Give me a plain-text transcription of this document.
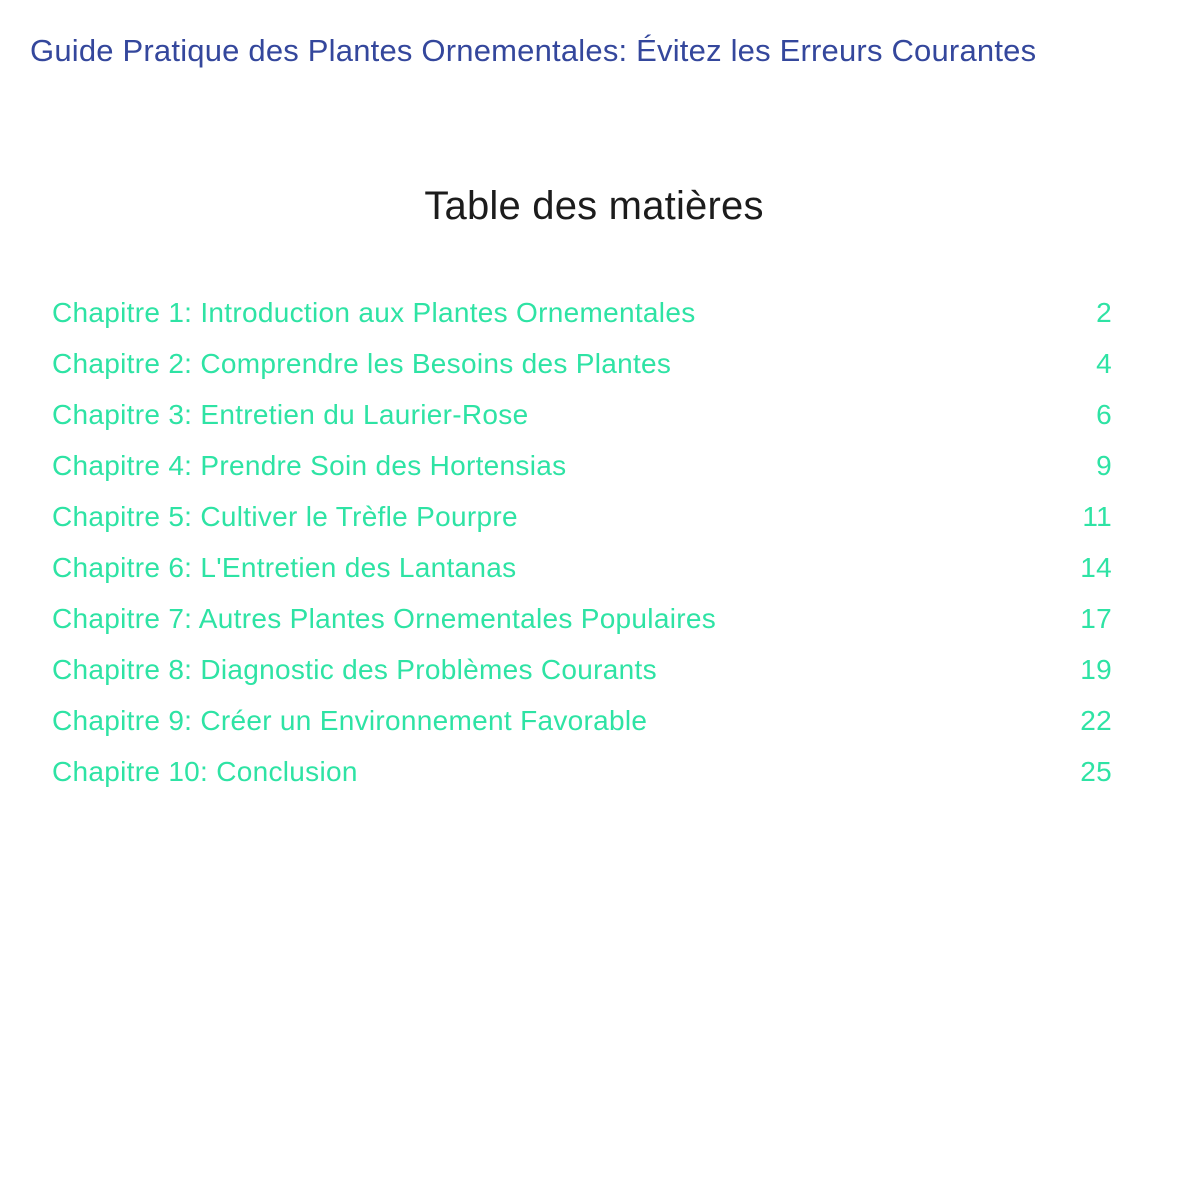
Guide Pratique des Plantes Ornementales: Évitez les Erreurs Courantes
Table des matières
Chapitre 1: Introduction aux Plantes Ornementales	2
Chapitre 2: Comprendre les Besoins des Plantes	4
Chapitre 3: Entretien du Laurier-Rose	6
Chapitre 4: Prendre Soin des Hortensias	9
Chapitre 5: Cultiver le Trèfle Pourpre	11
Chapitre 6: L'Entretien des Lantanas	14
Chapitre 7: Autres Plantes Ornementales Populaires	17
Chapitre 8: Diagnostic des Problèmes Courants	19
Chapitre 9: Créer un Environnement Favorable	22
Chapitre 10: Conclusion	25
